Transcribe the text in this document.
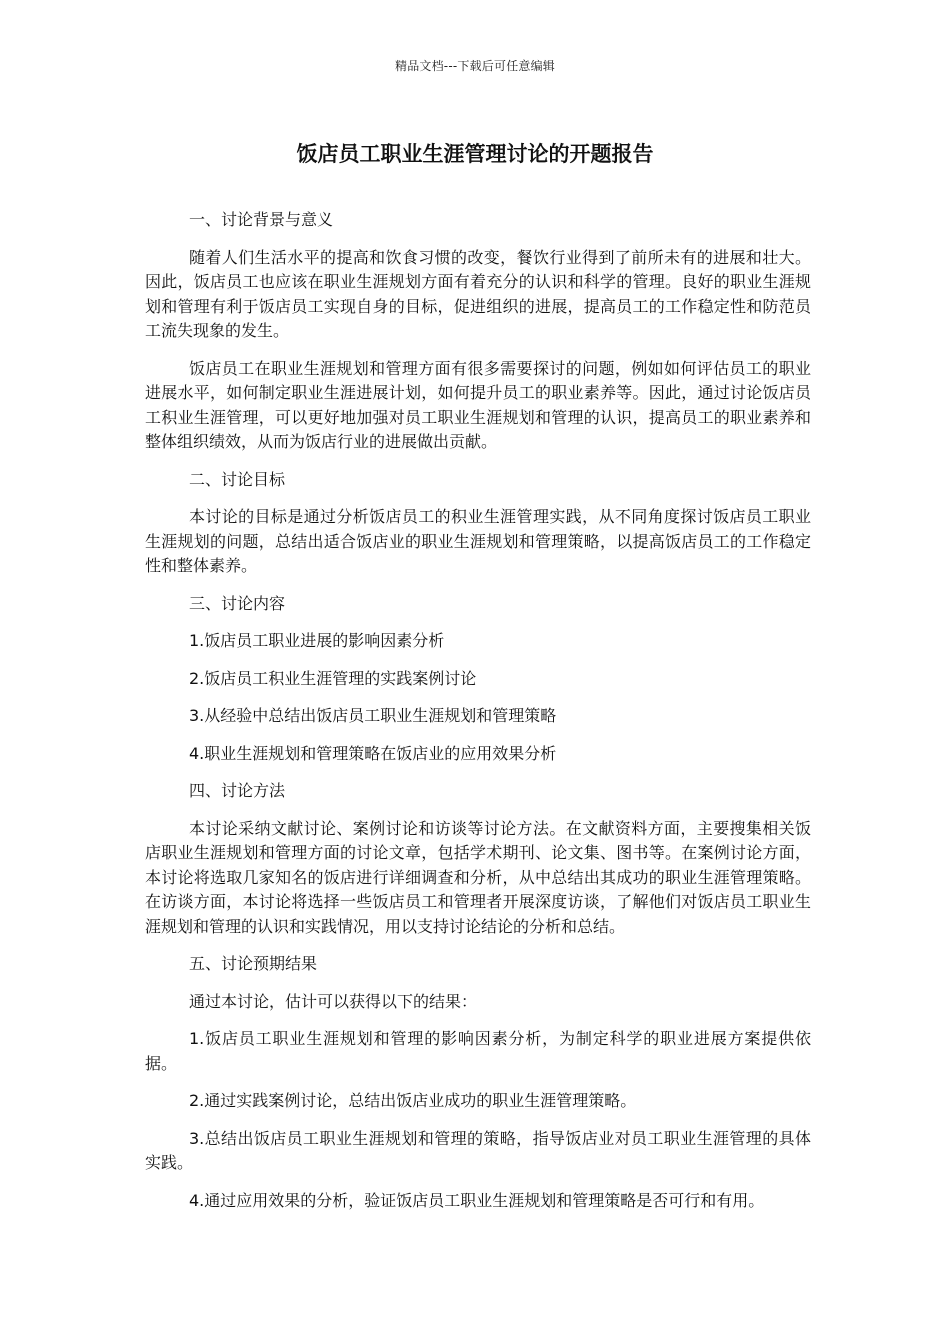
精品文档---下载后可任意编辑
饭店员工职业生涯管理讨论的开题报告

一、讨论背景与意义

随着人们生活水平的提高和饮食习惯的改变，餐饮行业得到了前所未有的进展和壮大。因此，饭店员工也应该在职业生涯规划方面有着充分的认识和科学的管理。良好的职业生涯规划和管理有利于饭店员工实现自身的目标，促进组织的进展，提高员工的工作稳定性和防范员工流失现象的发生。

饭店员工在职业生涯规划和管理方面有很多需要探讨的问题，例如如何评估员工的职业进展水平，如何制定职业生涯进展计划，如何提升员工的职业素养等。因此，通过讨论饭店员工积业生涯管理，可以更好地加强对员工职业生涯规划和管理的认识，提高员工的职业素养和整体组织绩效，从而为饭店行业的进展做出贡献。

二、讨论目标

本讨论的目标是通过分析饭店员工的积业生涯管理实践，从不同角度探讨饭店员工职业生涯规划的问题，总结出适合饭店业的职业生涯规划和管理策略，以提高饭店员工的工作稳定性和整体素养。

三、讨论内容

1.饭店员工职业进展的影响因素分析

2.饭店员工积业生涯管理的实践案例讨论

3.从经验中总结出饭店员工职业生涯规划和管理策略

4.职业生涯规划和管理策略在饭店业的应用效果分析

四、讨论方法

本讨论采纳文献讨论、案例讨论和访谈等讨论方法。在文献资料方面，主要搜集相关饭店职业生涯规划和管理方面的讨论文章，包括学术期刊、论文集、图书等。在案例讨论方面，本讨论将选取几家知名的饭店进行详细调查和分析，从中总结出其成功的职业生涯管理策略。在访谈方面，本讨论将选择一些饭店员工和管理者开展深度访谈，了解他们对饭店员工职业生涯规划和管理的认识和实践情况，用以支持讨论结论的分析和总结。

五、讨论预期结果

通过本讨论，估计可以获得以下的结果：

1.饭店员工职业生涯规划和管理的影响因素分析，为制定科学的职业进展方案提供依据。

2.通过实践案例讨论，总结出饭店业成功的职业生涯管理策略。

3.总结出饭店员工职业生涯规划和管理的策略，指导饭店业对员工职业生涯管理的具体实践。

4.通过应用效果的分析，验证饭店员工职业生涯规划和管理策略是否可行和有用。
